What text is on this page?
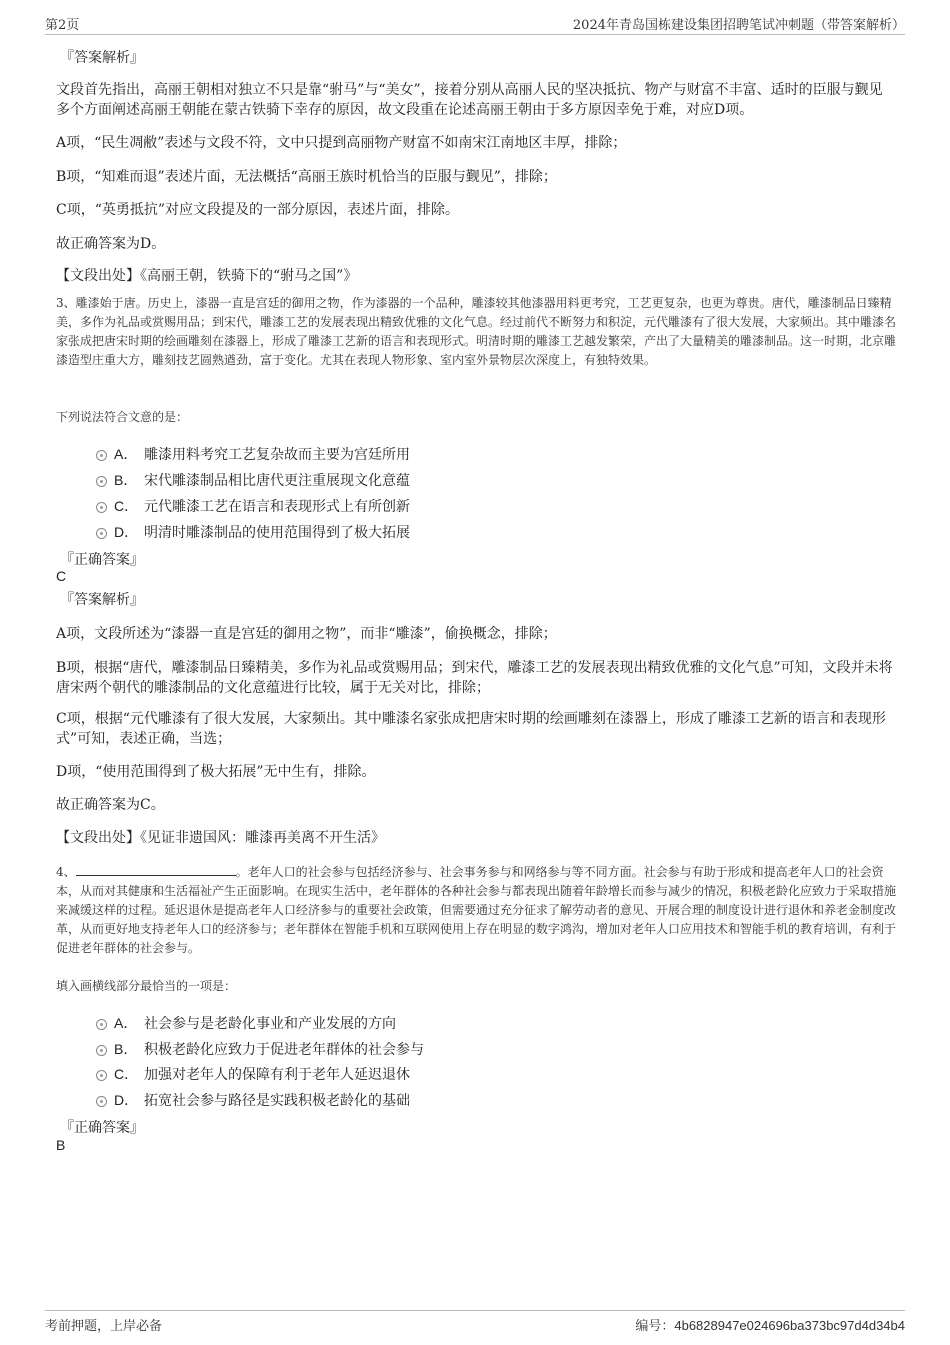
第2页	2024年青岛国栋建设集团招聘笔试冲刺题（带答案解析）
『答案解析』
文段首先指出，高丽王朝相对独立不只是靠“驸马”与“美女”，接着分别从高丽人民的坚决抵抗、物产与财富不丰富、适时的臣服与觐见多个方面阐述高丽王朝能在蒙古铁骑下幸存的原因，故文段重在论述高丽王朝由于多方原因幸免于难，对应D项。
A项，“民生凋敝”表述与文段不符，文中只提到高丽物产财富不如南宋江南地区丰厚，排除；
B项，“知难而退”表述片面，无法概括“高丽王族时机恰当的臣服与觐见”，排除；
C项，“英勇抵抗”对应文段提及的一部分原因，表述片面，排除。
故正确答案为D。
【文段出处】《高丽王朝，铁骑下的“驸马之国”》
3、雕漆始于唐。历史上，漆器一直是宫廷的御用之物，作为漆器的一个品种，雕漆较其他漆器用料更考究，工艺更复杂，也更为尊贵。唐代，雕漆制品日臻精美，多作为礼品或赏赐用品；到宋代，雕漆工艺的发展表现出精致优雅的文化气息。经过前代不断努力和积淀，元代雕漆有了很大发展，大家频出。其中雕漆名家张成把唐宋时期的绘画雕刻在漆器上，形成了雕漆工艺新的语言和表现形式。明清时期的雕漆工艺越发繁荣，产出了大量精美的雕漆制品。这一时期，北京雕漆造型庄重大方，雕刻技艺圆熟遒劲，富于变化。尤其在表现人物形象、室内室外景物层次深度上，有独特效果。
下列说法符合文意的是：
A． 雕漆用料考究工艺复杂故而主要为宫廷所用
B． 宋代雕漆制品相比唐代更注重展现文化意蕴
C． 元代雕漆工艺在语言和表现形式上有所创新
D． 明清时雕漆制品的使用范围得到了极大拓展
『正确答案』
C
『答案解析』
A项，文段所述为“漆器一直是宫廷的御用之物”，而非“雕漆”，偷换概念，排除；
B项，根据“唐代，雕漆制品日臻精美，多作为礼品或赏赐用品；到宋代，雕漆工艺的发展表现出精致优雅的文化气息”可知，文段并未将唐宋两个朝代的雕漆制品的文化意蕴进行比较，属于无关对比，排除；
C项，根据“元代雕漆有了很大发展，大家频出。其中雕漆名家张成把唐宋时期的绘画雕刻在漆器上，形成了雕漆工艺新的语言和表现形式”可知，表述正确，当选；
D项，“使用范围得到了极大拓展”无中生有，排除。
故正确答案为C。
【文段出处】《见证非遗国风：雕漆再美离不开生活》
4、	。老年人口的社会参与包括经济参与、社会事务参与和网络参与等不同方面。社会参与有助于形成和提高老年人口的社会资本，从而对其健康和生活福祉产生正面影响。在现实生活中，老年群体的各种社会参与都表现出随着年龄增长而参与减少的情况，积极老龄化应致力于采取措施来减缓这样的过程。延迟退休是提高老年人口经济参与的重要社会政策，但需要通过充分征求了解劳动者的意见、开展合理的制度设计进行退休和养老金制度改革，从而更好地支持老年人口的经济参与；老年群体在智能手机和互联网使用上存在明显的数字鸿沟，增加对老年人口应用技术和智能手机的教育培训，有利于促进老年群体的社会参与。
填入画横线部分最恰当的一项是：
A． 社会参与是老龄化事业和产业发展的方向
B． 积极老龄化应致力于促进老年群体的社会参与
C． 加强对老年人的保障有利于老年人延迟退休
D． 拓宽社会参与路径是实践积极老龄化的基础
『正确答案』
B
考前押题，上岸必备	编号：4b6828947e024696ba373bc97d4d34b4
